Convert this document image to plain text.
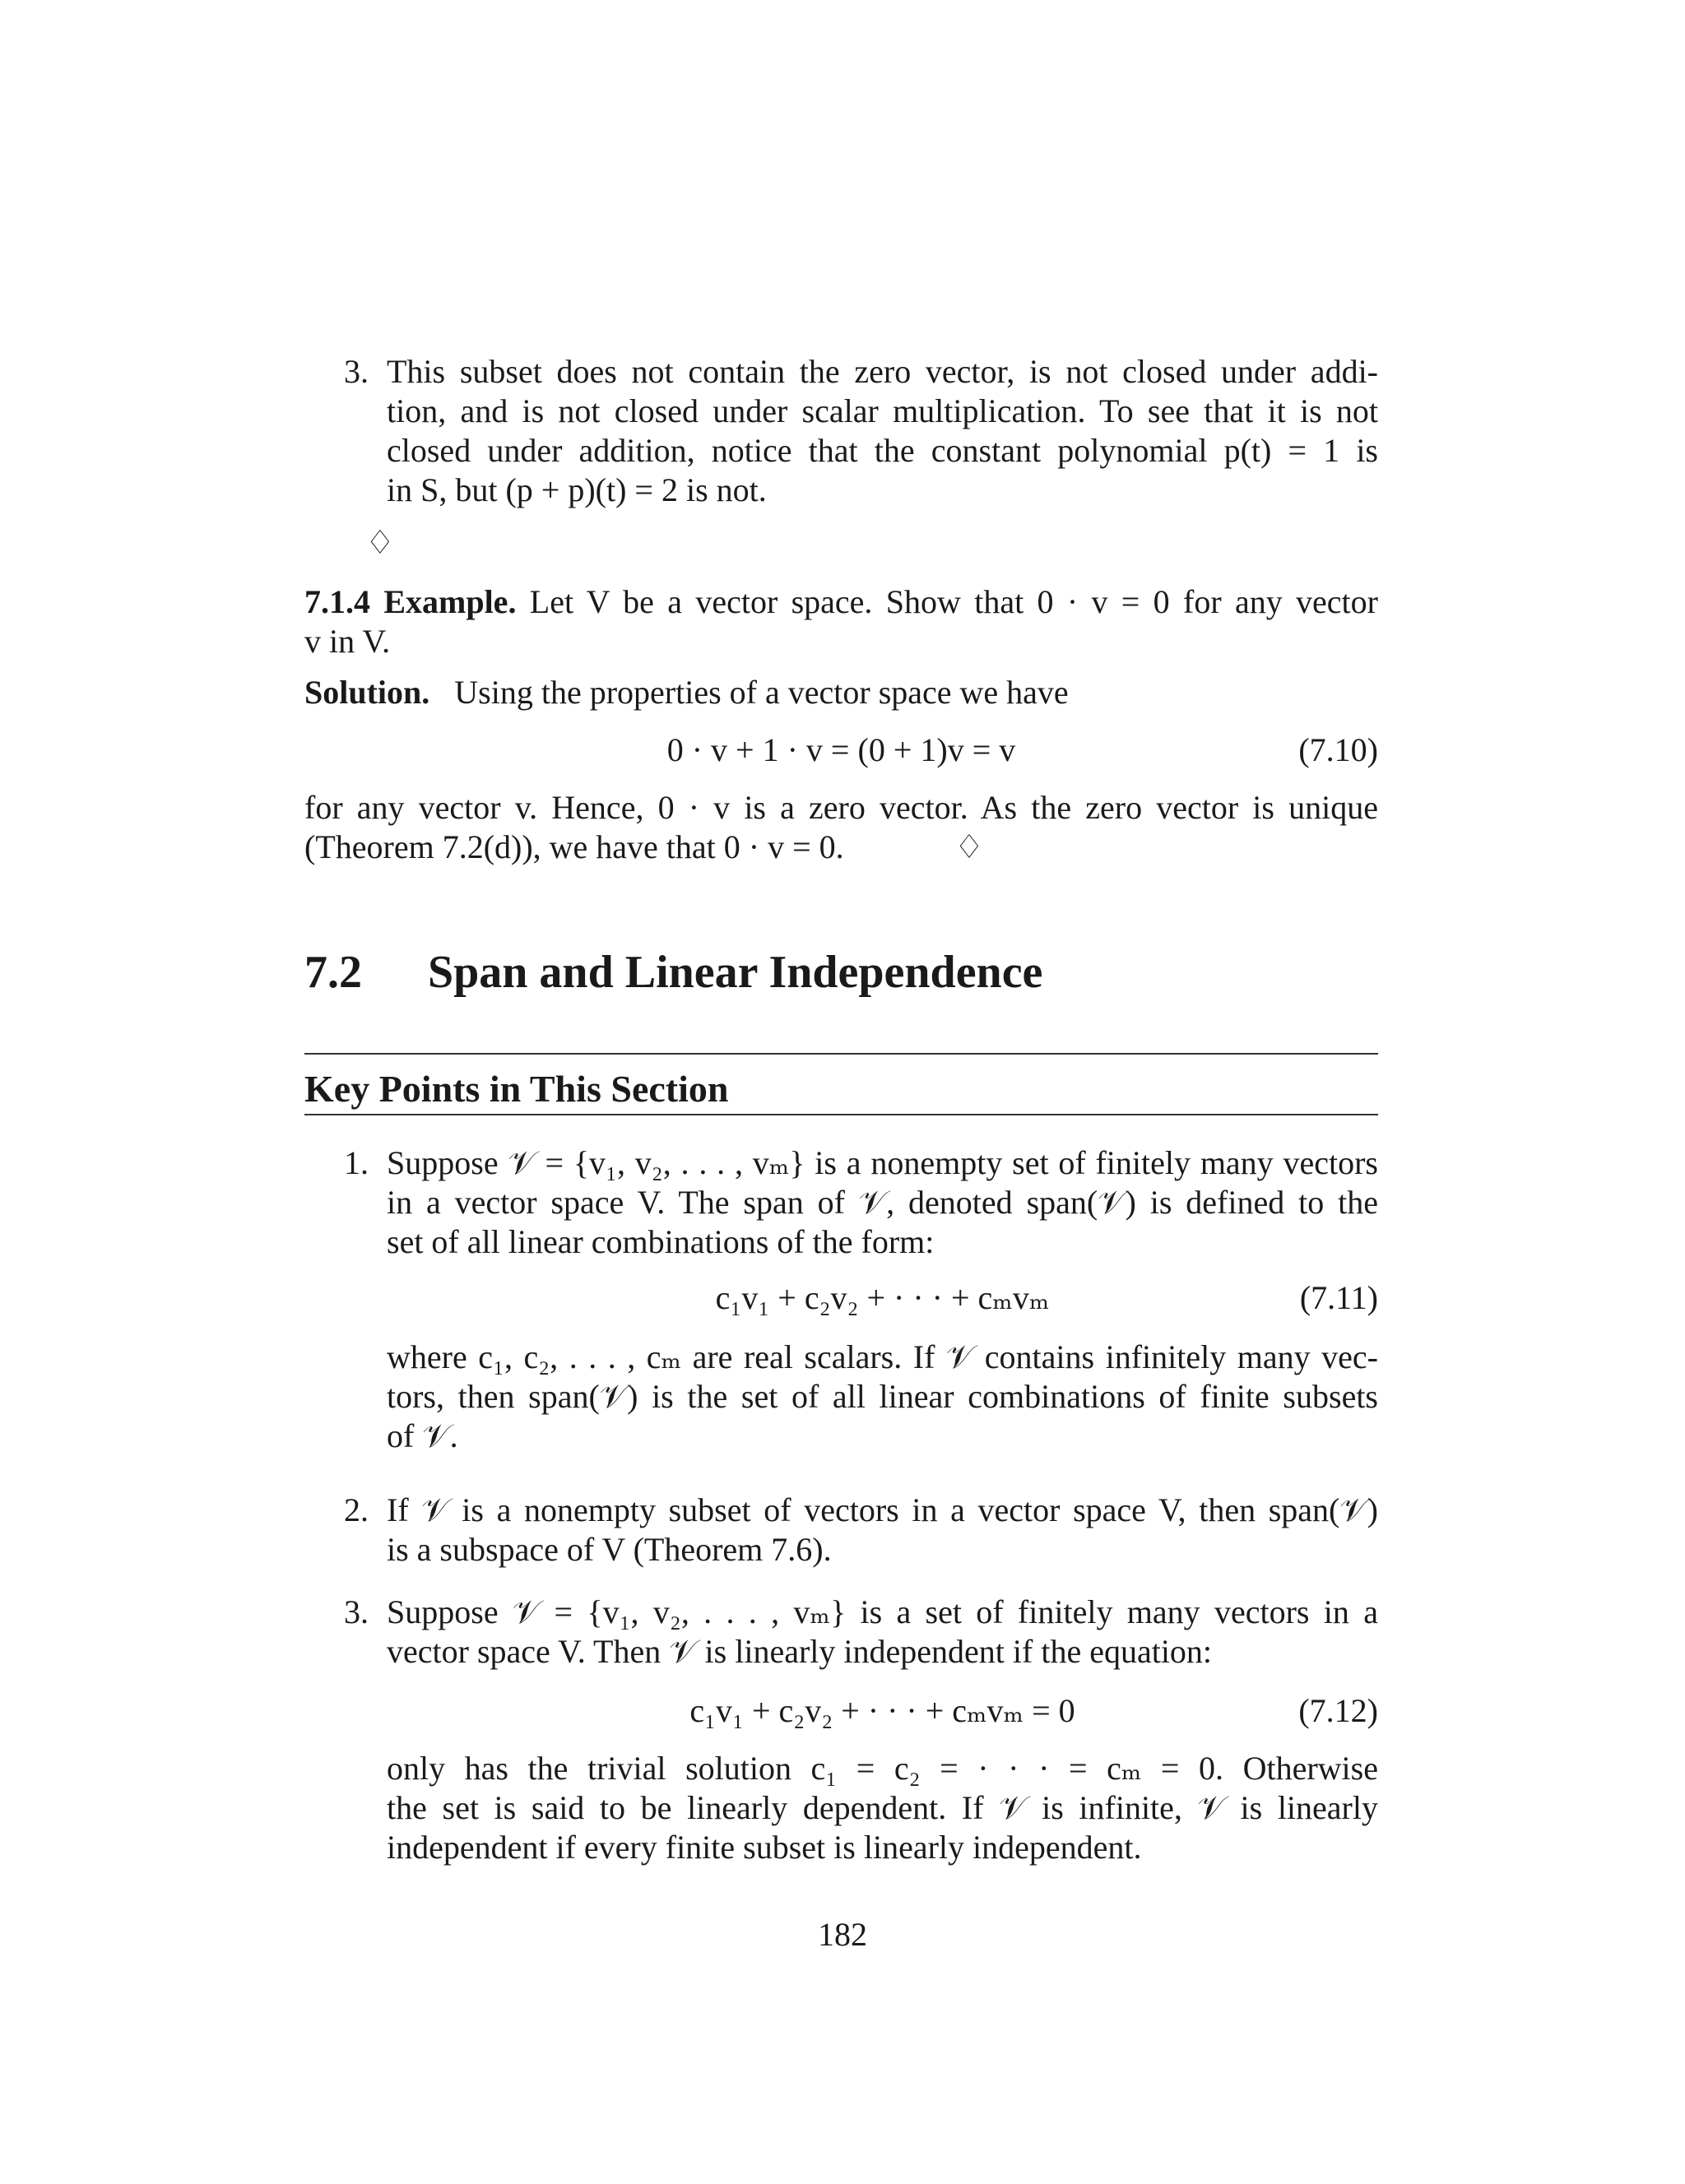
3. This subset does not contain the zero vector, is not closed under addi-
tion, and is not closed under scalar multiplication. To see that it is not
closed under addition, notice that the constant polynomial p(t) = 1 is
in S, but (p + p)(t) = 2 is not.
♢
7.1.4 Example. Let V be a vector space. Show that 0 · v = 0 for any vector
v in V.
Solution. Using the properties of a vector space we have
0 · v + 1 · v = (0 + 1)v = v	(7.10)
for any vector v. Hence, 0 · v is a zero vector. As the zero vector is unique
(Theorem 7.2(d)), we have that 0 · v = 0.	♢
7.2 Span and Linear Independence
Key Points in This Section
1. Suppose 𝒱 = {v₁, v₂, . . . , vₘ} is a nonempty set of finitely many vectors
in a vector space V. The span of 𝒱, denoted span(𝒱) is defined to the
set of all linear combinations of the form:
c₁v₁ + c₂v₂ + · · · + cₘvₘ	(7.11)
where c₁, c₂, . . . , cₘ are real scalars. If 𝒱 contains infinitely many vec-
tors, then span(𝒱) is the set of all linear combinations of finite subsets
of 𝒱.
2. If 𝒱 is a nonempty subset of vectors in a vector space V, then span(𝒱)
is a subspace of V (Theorem 7.6).
3. Suppose 𝒱 = {v₁, v₂, . . . , vₘ} is a set of finitely many vectors in a
vector space V. Then 𝒱 is linearly independent if the equation:
c₁v₁ + c₂v₂ + · · · + cₘvₘ = 0	(7.12)
only has the trivial solution c₁ = c₂ = · · · = cₘ = 0. Otherwise
the set is said to be linearly dependent. If 𝒱 is infinite, 𝒱 is linearly
independent if every finite subset is linearly independent.
182
